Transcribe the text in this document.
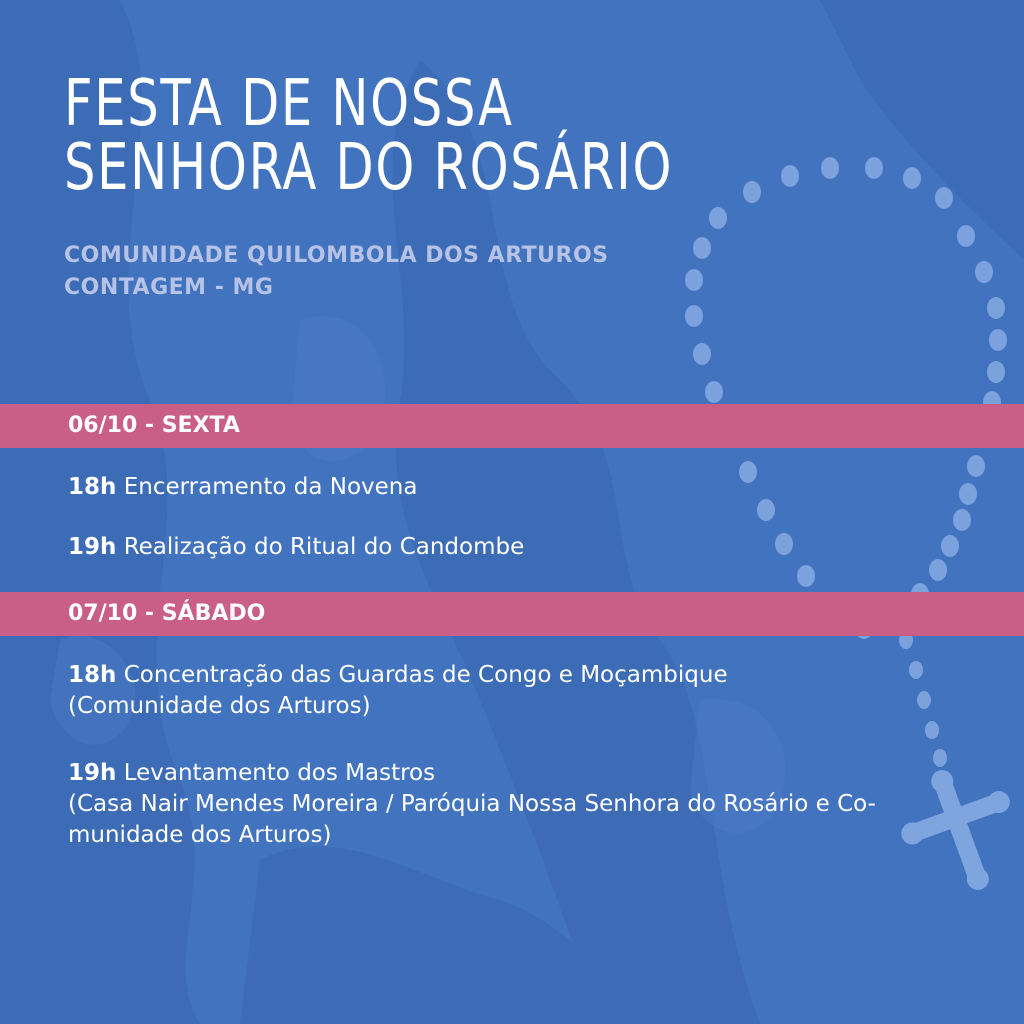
FESTA DE NOSSA
SENHORA DO ROSÁRIO
COMUNIDADE QUILOMBOLA DOS ARTUROS
CONTAGEM - MG
06/10 - SEXTA
18h Encerramento da Novena
19h Realização do Ritual do Candombe
07/10 - SÁBADO
18h Concentração das Guardas de Congo e Moçambique
(Comunidade dos Arturos)
19h Levantamento dos Mastros
(Casa Nair Mendes Moreira / Paróquia Nossa Senhora do Rosário e Co-
munidade dos Arturos)
